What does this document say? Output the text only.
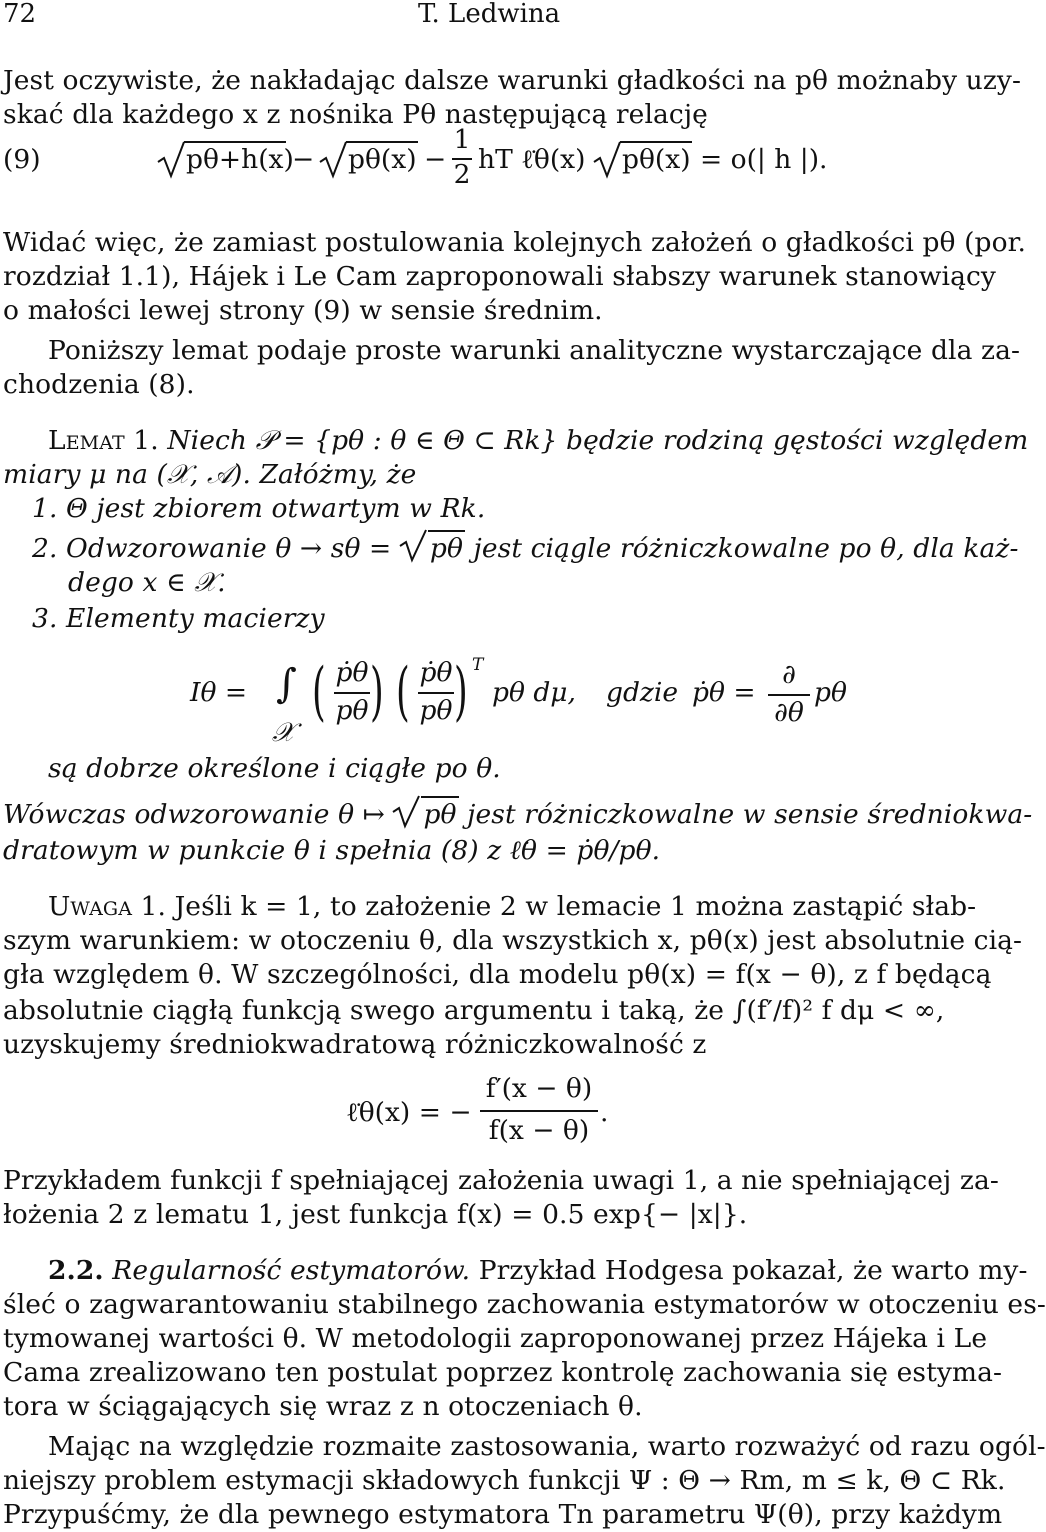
72	T. Ledwina
Jest oczywiste, że nakładając dalsze warunki gładkości na pθ możnaby uzy-
skać dla każdego x z nośnika Pθ następującą relację
(9)	pθ+h(x)
− pθ(x) −
1
2 hT ℓ̇θ(x) pθ(x) = o(| h |).
Widać więc, że zamiast postulowania kolejnych założeń o gładkości pθ (por.
rozdział 1.1), Hájek i Le Cam zaproponowali słabszy warunek stanowiący
o małości lewej strony (9) w sensie średnim.
Poniższy lemat podaje proste warunki analityczne wystarczające dla za-
chodzenia (8).
Lemat 1. Niech 𝒫 = {pθ : θ ∈ Θ ⊂ Rk} będzie rodziną gęstości względem
miary μ na (𝒳, 𝒜). Załóżmy, że
1. Θ jest zbiorem otwartym w Rk.
2. Odwzorowanie θ → sθ = pθ jest ciągle różniczkowalne po θ, dla każ-
dego x ∈ 𝒳.
3. Elementy macierzy
Iθ = ∫
𝒳
( ṗθ
pθ ) ( ṗθ
pθ ) T
pθ dμ, gdzie ṗθ =
∂
∂θ
pθ
są dobrze określone i ciągłe po θ.
Wówczas odwzorowanie θ ↦ pθ jest różniczkowalne w sensie średniokwa-
dratowym w punkcie θ i spełnia (8) z ℓ̇θ = ṗθ/pθ.
Uwaga 1. Jeśli k = 1, to założenie 2 w lemacie 1 można zastąpić słab-
szym warunkiem: w otoczeniu θ, dla wszystkich x, pθ(x) jest absolutnie cią-
gła względem θ. W szczególności, dla modelu pθ(x) = f(x − θ), z f będącą
absolutnie ciągłą funkcją swego argumentu i taką, że ∫(f′/f)² f dμ < ∞,
uzyskujemy średniokwadratową różniczkowalność z
ℓ̇θ(x) = −
f′(x − θ)
f(x − θ)
.
Przykładem funkcji f spełniającej założenia uwagi 1, a nie spełniającej za-
łożenia 2 z lematu 1, jest funkcja f(x) = 0.5 exp{− |x|}.
2.2. Regularność estymatorów. Przykład Hodgesa pokazał, że warto my-
śleć o zagwarantowaniu stabilnego zachowania estymatorów w otoczeniu es-
tymowanej wartości θ. W metodologii zaproponowanej przez Hájeka i Le
Cama zrealizowano ten postulat poprzez kontrolę zachowania się estyma-
tora w ściągających się wraz z n otoczeniach θ.
Mając na względzie rozmaite zastosowania, warto rozważyć od razu ogól-
niejszy problem estymacji składowych funkcji Ψ : Θ → Rm, m ≤ k, Θ ⊂ Rk.
Przypuśćmy, że dla pewnego estymatora Tn parametru Ψ(θ), przy każdym
